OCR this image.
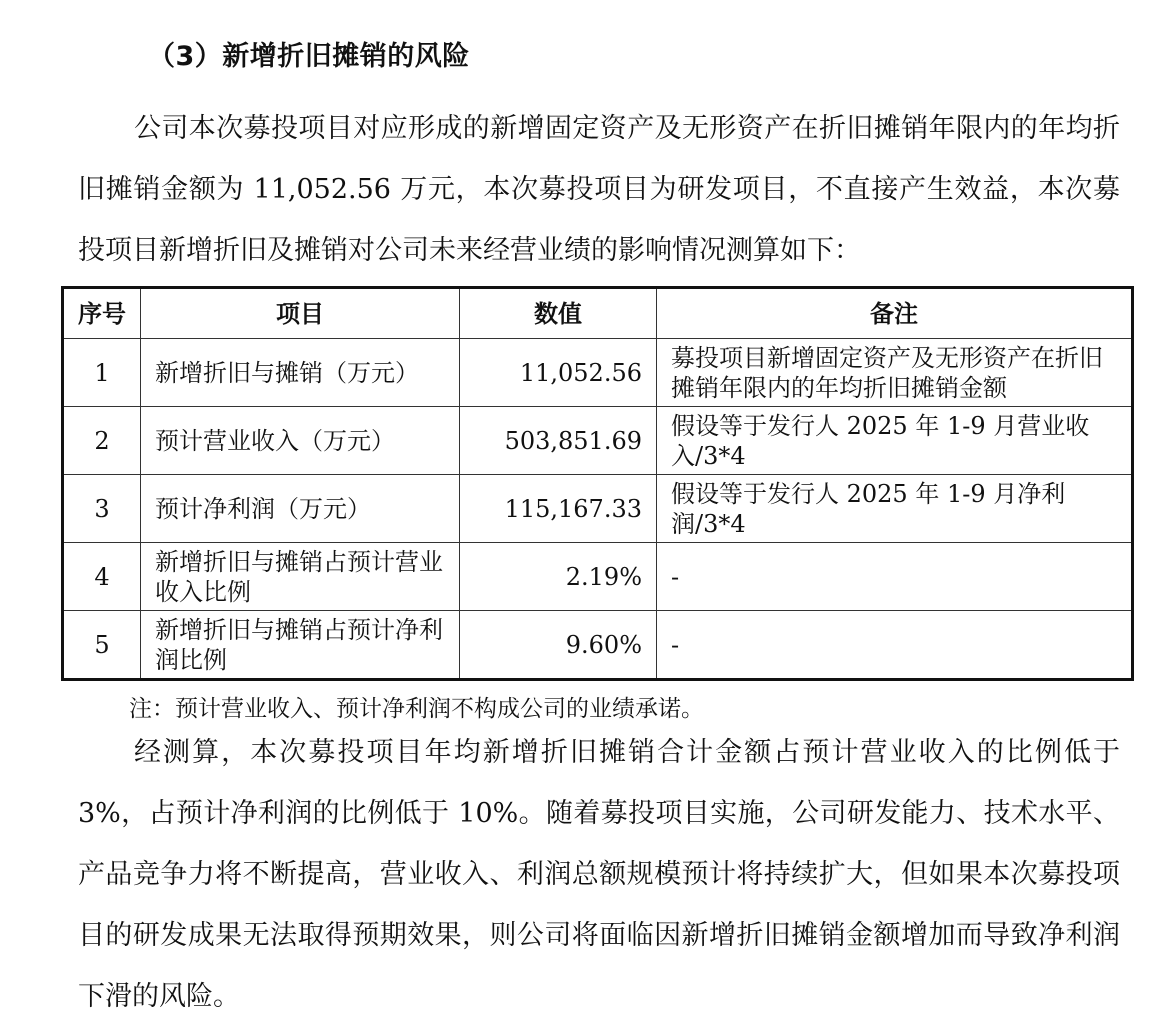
（3）新增折旧摊销的风险

公司本次募投项目对应形成的新增固定资产及无形资产在折旧摊销年限内的年均折旧摊销金额为 11,052.56 万元，本次募投项目为研发项目，不直接产生效益，本次募投项目新增折旧及摊销对公司未来经营业绩的影响情况测算如下：

序号	项目	数值	备注
1	新增折旧与摊销（万元）	11,052.56	募投项目新增固定资产及无形资产在折旧摊销年限内的年均折旧摊销金额
2	预计营业收入（万元）	503,851.69	假设等于发行人 2025 年 1-9 月营业收入/3*4
3	预计净利润（万元）	115,167.33	假设等于发行人 2025 年 1-9 月净利润/3*4
4	新增折旧与摊销占预计营业收入比例	2.19%	-
5	新增折旧与摊销占预计净利润比例	9.60%	-
注：预计营业收入、预计净利润不构成公司的业绩承诺。

经测算，本次募投项目年均新增折旧摊销合计金额占预计营业收入的比例低于 3%，占预计净利润的比例低于 10%。随着募投项目实施，公司研发能力、技术水平、产品竞争力将不断提高，营业收入、利润总额规模预计将持续扩大，但如果本次募投项目的研发成果无法取得预期效果，则公司将面临因新增折旧摊销金额增加而导致净利润下滑的风险。
